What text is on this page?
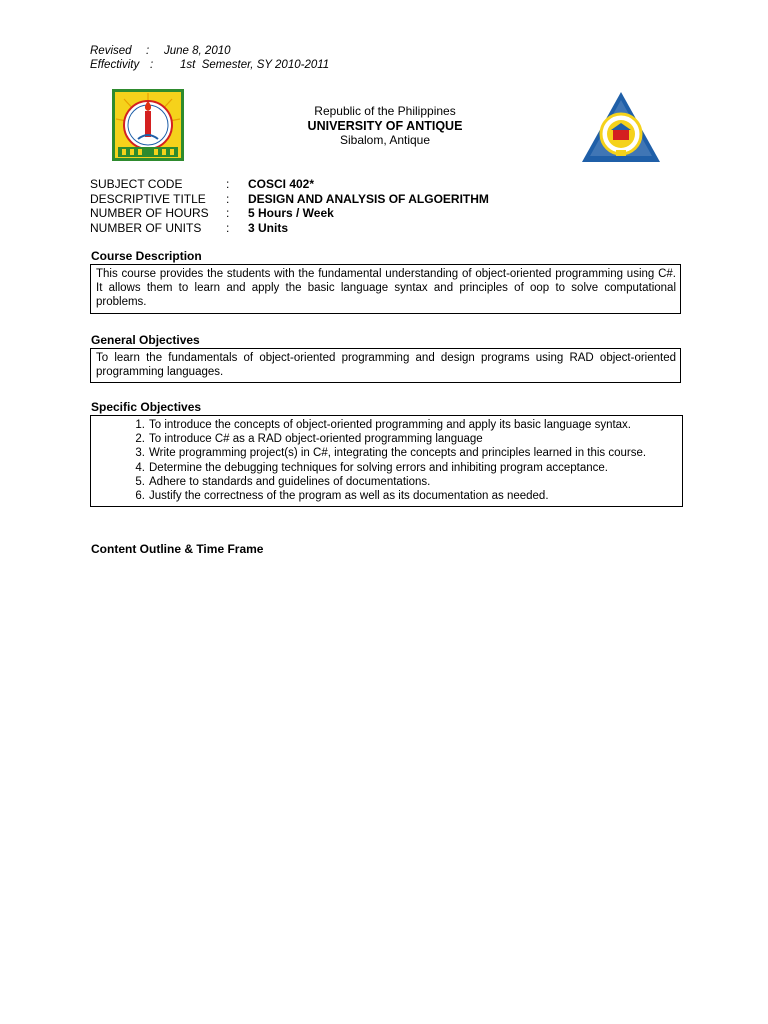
Revised	:	June 8, 2010
Effectivity :	1st  Semester, SY 2010-2011
Republic of the Philippines
UNIVERSITY OF ANTIQUE
Sibalom, Antique
SUBJECT CODE	:	COSCI 402*
DESCRIPTIVE TITLE	:	DESIGN AND ANALYSIS OF ALGOERITHM
NUMBER OF HOURS	:	5 Hours / Week
NUMBER OF UNITS	:	3 Units
Course Description
This course provides the students with the fundamental understanding of object-oriented programming using C#. It allows them to learn and apply the basic language syntax and principles of oop to solve computational problems.
General Objectives
To learn the fundamentals of object-oriented programming and design programs using RAD object-oriented programming languages.
Specific Objectives
1. To introduce the concepts of object-oriented programming and apply its basic language syntax.
2. To introduce C# as a RAD object-oriented programming language
3. Write programming project(s) in C#, integrating the concepts and principles learned in this course.
4. Determine the debugging techniques for solving errors and inhibiting program acceptance.
5. Adhere to standards and guidelines of documentations.
6. Justify the correctness of the program as well as its documentation as needed.
Content Outline & Time Frame
